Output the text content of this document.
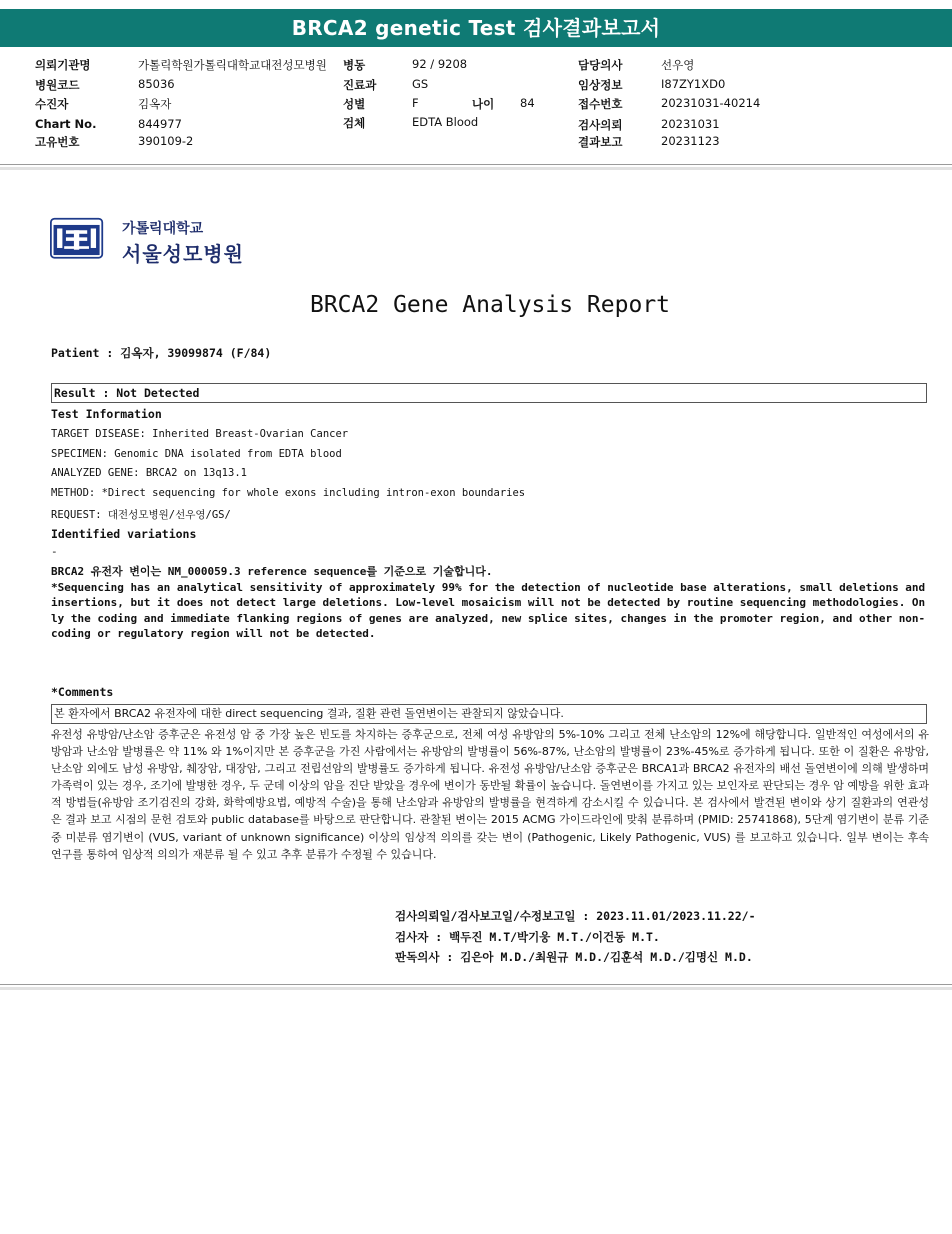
BRCA2 genetic Test 검사결과보고서
의뢰기관명	가톨릭학원가톨릭대학교대전성모병원
병원코드	85036
수진자	김옥자
Chart No.	844977
고유번호	390109-2
병동	92 / 9208
진료과	GS
성별	F	나이 84
검체	EDTA Blood
담당의사	선우영
임상정보	I87ZY1XD0
접수번호	20231031-40214
검사의뢰	20231031
결과보고	20231123
가톨릭대학교
서울성모병원
BRCA2 Gene Analysis Report
Patient : 김옥자, 39099874 (F/84)
Result : Not Detected
Test Information
TARGET DISEASE: Inherited Breast-Ovarian Cancer
SPECIMEN: Genomic DNA isolated from EDTA blood
ANALYZED GENE: BRCA2 on 13q13.1
METHOD: *Direct sequencing for whole exons including intron-exon boundaries
REQUEST: 대전성모병원/선우영/GS/
Identified variations
-

BRCA2 유전자 변이는 NM_000059.3 reference sequence를 기준으로 기술합니다.

*Sequencing has an analytical sensitivity of approximately 99% for the detection of nucleotide base alterations, small deletions and insertions, but it does not detect large deletions. Low-level mosaicism will not be detected by routine sequencing methodologies. Only the coding and immediate flanking regions of genes are analyzed, new splice sites, changes in the promoter region, and other non-coding or regulatory region will not be detected.

*Comments
본 환자에서 BRCA2 유전자에 대한 direct sequencing 결과, 질환 관련 돌연변이는 관찰되지 않았습니다.
유전성 유방암/난소암 증후군은 유전성 암 중 가장 높은 빈도를 차지하는 증후군으로, 전체 여성 유방암의 5%-10% 그리고 전체 난소암의 12%에 해당합니다. 일반적인 여성에서의 유방암과 난소암 발병률은 약 11% 와 1%이지만 본 증후군을 가진 사람에서는 유방암의 발병률이 56%-87%, 난소암의 발병률이 23%-45%로 증가하게 됩니다. 또한 이 질환은 유방암, 난소암 외에도 남성 유방암, 췌장암, 대장암, 그리고 전립선암의 발병률도 증가하게 됩니다. 유전성 유방암/난소암 증후군은 BRCA1과 BRCA2 유전자의 배선 돌연변이에 의해 발생하며 가족력이 있는 경우, 조기에 발병한 경우, 두 군데 이상의 암을 진단 받았을 경우에 변이가 동반될 확률이 높습니다. 돌연변이를 가지고 있는 보인자로 판단되는 경우 암 예방을 위한 효과적 방법들(유방암 조기검진의 강화, 화학예방요법, 예방적 수술)을 통해 난소암과 유방암의 발병률을 현격하게 감소시킬 수 있습니다. 본 검사에서 발견된 변이와 상기 질환과의 연관성은 결과 보고 시점의 문헌 검토와 public database를 바탕으로 판단합니다. 관찰된 변이는 2015 ACMG 가이드라인에 맞춰 분류하며 (PMID: 25741868), 5단계 염기변이 분류 기준 중 미분류 염기변이 (VUS, variant of unknown significance) 이상의 임상적 의의를 갖는 변이 (Pathogenic, Likely Pathogenic, VUS) 를 보고하고 있습니다. 일부 변이는 후속 연구를 통하여 임상적 의의가 재분류 될 수 있고 추후 분류가 수정될 수 있습니다.
검사의뢰일/검사보고일/수정보고일 : 2023.11.01/2023.11.22/-
검사자 : 백두진 M.T/박기웅 M.T./이건동 M.T.
판독의사 : 김은아 M.D./최원규 M.D./김훈석 M.D./김명신 M.D.
